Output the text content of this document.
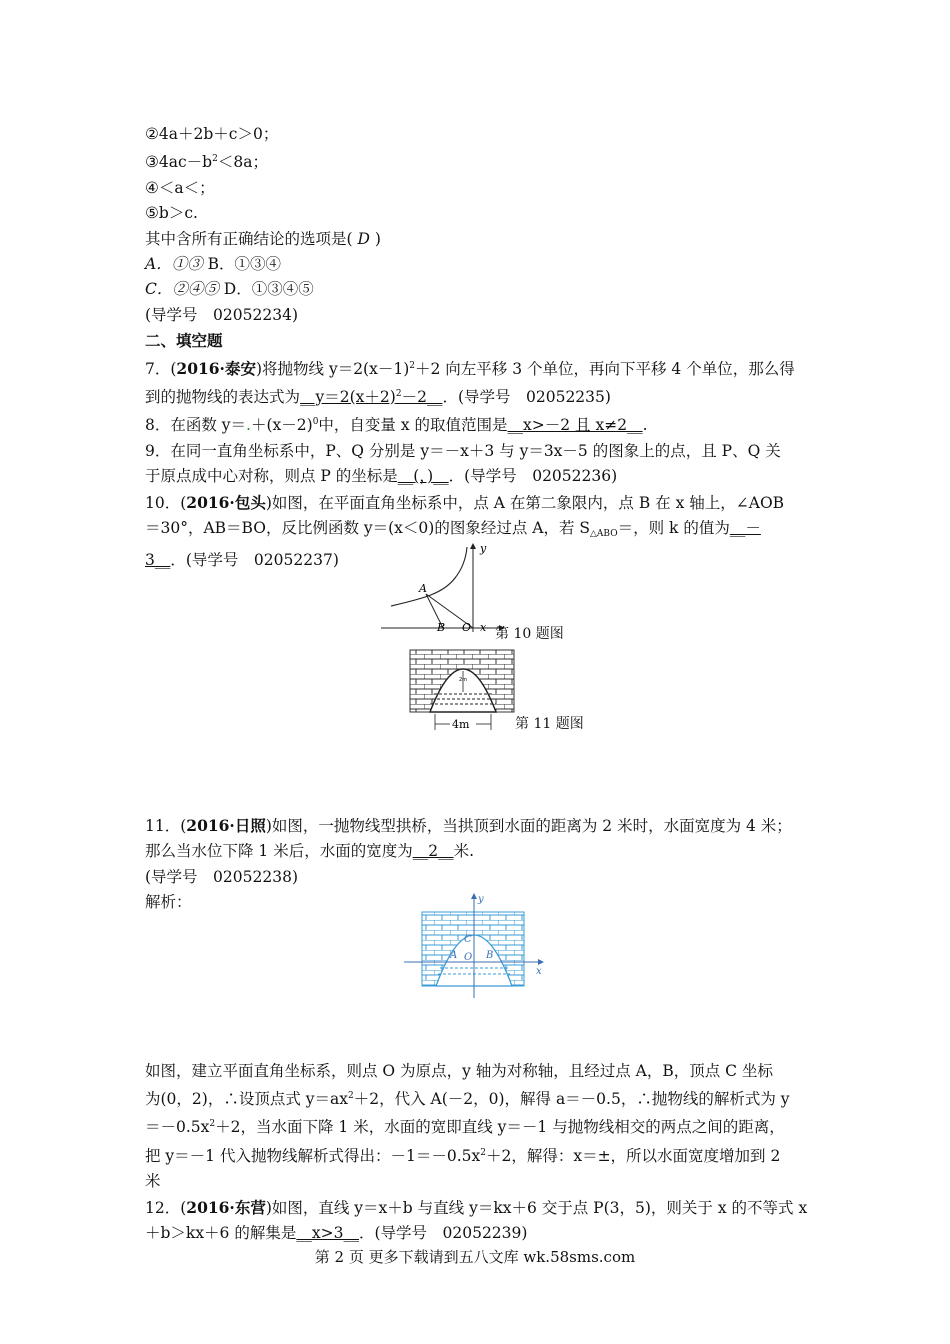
②4a＋2b＋c＞0；
$③4ac-b^2<8a$；
④＜a＜；
⑤b＞c.
其中含所有正确结论的选项是( D )
A．①③ B．①③④
C．②④⑤ D．①③④⑤
(导学号　02052234)
二、填空题
7．(2016·泰安)将抛物线 $y=2(x-1)^2+2$ 向左平移 3 个单位，再向下平移 4 个单位，那么得
到的抛物线的表达式为$\_\_y=2(x+2)^2-2\_\_$．(导学号　02052235)
8．在函数 $y=.+(x-2)^0$中，自变量 x 的取值范围是__x>－2 且 x≠2__.
9．在同一直角坐标系中，P、Q 分别是 y＝－x＋3 与 y＝3x－5 的图象上的点，且 P、Q 关
于原点成中心对称，则点 P 的坐标是__(，)__．(导学号　02052236)
10．(2016·包头)如图，在平面直角坐标系中，点 A 在第二象限内，点 B 在 x 轴上，∠AOB
＝30°，AB＝BO，反比例函数 y＝(x＜0)的图象经过点 A，若 $S_{\triangle ABO}=$，则 k 的值为__－
3__．(导学号　02052237)
11．(2016·日照)如图，一抛物线型拱桥，当拱顶到水面的距离为 2 米时，水面宽度为 4 米；
那么当水位下降 1 米后，水面的宽度为__2__米.
(导学号　02052238)
解析：
如图，建立平面直角坐标系，则点 O 为原点，y 轴为对称轴，且经过点 A，B，顶点 C 坐标
为(0，2)，∴设顶点式 $y=ax^2+2$，代入 A(－2，0)，解得 a＝－0.5，∴抛物线的解析式为 y
$=-0.5x^2+2$，当水面下降 1 米，水面的宽即直线 y＝－1 与抛物线相交的两点之间的距离，
把 y＝－1 代入抛物线解析式得出：$-1=-0.5x^2+2$，解得：x＝±，所以水面宽度增加到 2
米
12．(2016·东营)如图，直线 y＝x＋b 与直线 y＝kx＋6 交于点 P(3，5)，则关于 x 的不等式 x
＋b＞kx＋6 的解集是__x>3__．(导学号　02052239)
y
A
B O x 第 10 题图
2m
4m	第 11 题图
y
C
A	B
O
x
第 2 页 更多下载请到五八文库 wk.58sms.com
